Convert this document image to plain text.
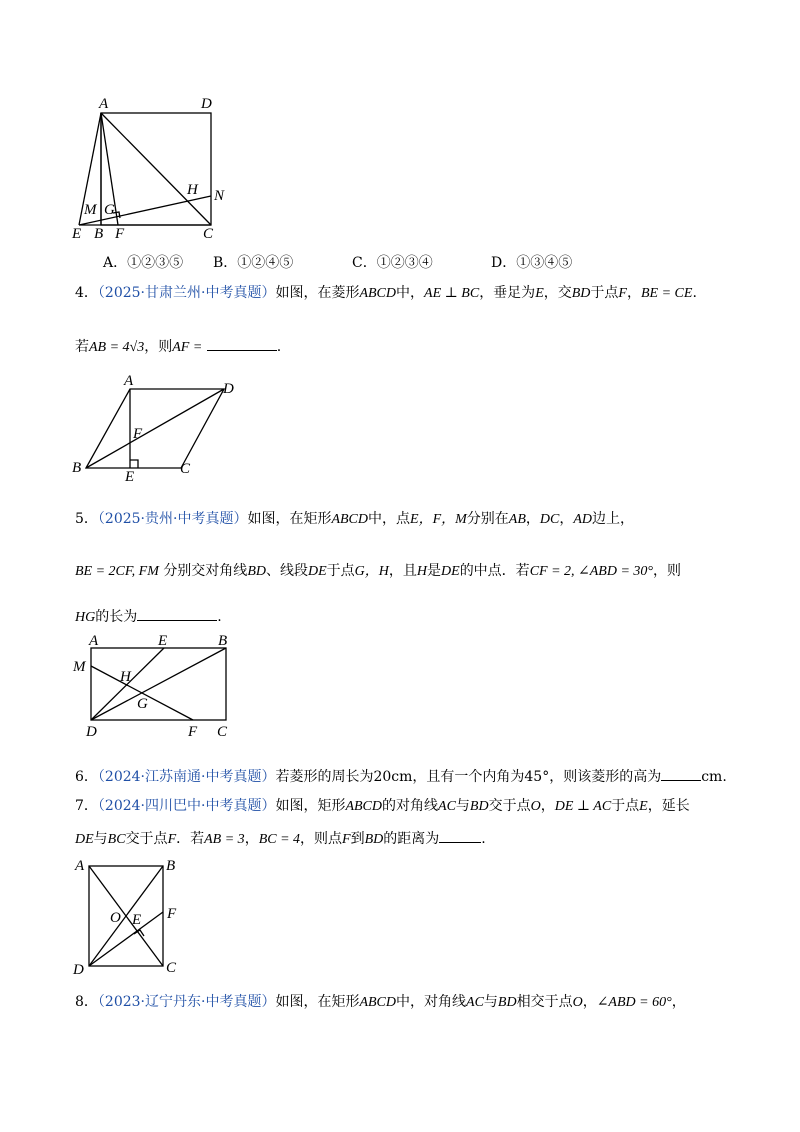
A	D
H N
M G
E B F	C
A．①②③⑤ B．①②④⑤	C．①②③④	D．①③④⑤
4．（2025·甘肃兰州·中考真题）如图，在菱形ABCD中，AE ⊥ BC，垂足为E，交BD于点F，BE = CE.
若AB = 4√3，则AF =	.
A	D
F
B
E	C
5．（2025·贵州·中考真题）如图，在矩形ABCD中，点E，F，M分别在AB，DC，AD边上，
BE = 2CF, FM 分别交对角线BD、线段DE于点G，H，且H是DE的中点．若CF = 2, ∠ABD = 30°，则
HG的长为	.
A	E	B
M
H
G
D	F C
6．（2024·江苏南通·中考真题）若菱形的周长为20cm，且有一个内角为45°，则该菱形的高为	cm.
7．（2024·四川巴中·中考真题）如图，矩形ABCD的对角线AC与BD交于点O，DE ⊥ AC于点E，延长
DE与BC交于点F．若AB = 3，BC = 4，则点F到BD的距离为	.
A	B
O E F
D	C
8．（2023·辽宁丹东·中考真题）如图，在矩形ABCD中，对角线AC与BD相交于点O，∠ABD = 60°，
